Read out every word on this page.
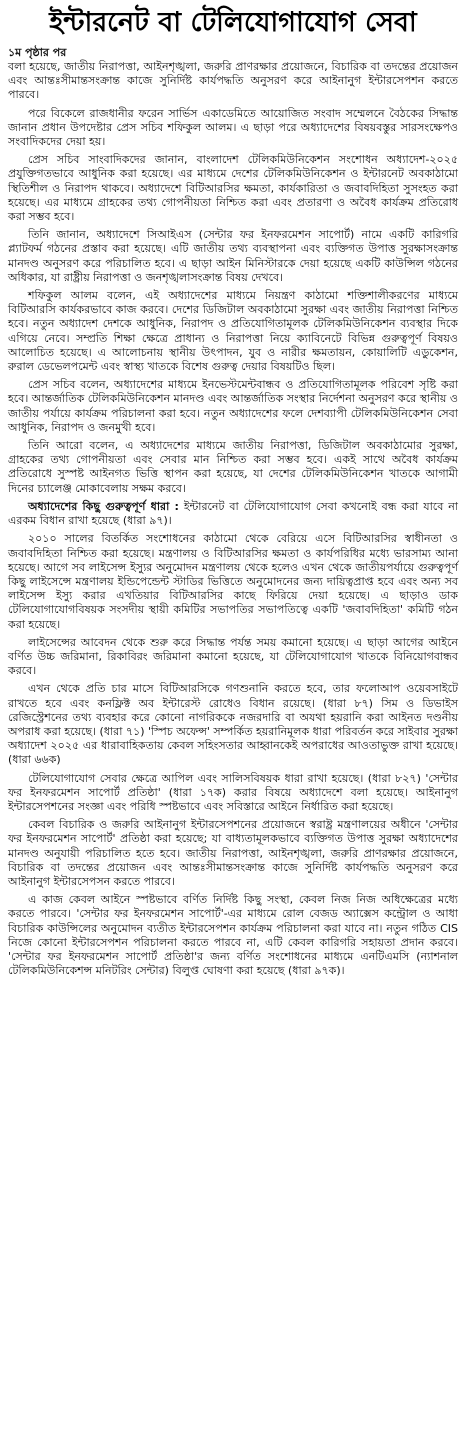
ইন্টারনেট বা টেলিযোগাযোগ সেবা
১ম পৃষ্ঠার পর

বলা হয়েছে, জাতীয় নিরাপত্তা, আইনশৃঙ্খলা, জরুরি প্রাণরক্ষার প্রয়োজনে, বিচারিক বা তদন্তের প্রয়োজন এবং আন্তঃসীমান্তসংক্রান্ত কাজে সুনির্দিষ্ট কার্যপদ্ধতি অনুসরণ করে আইনানুগ ইন্টারসেপশন করতে পারবে।

পরে বিকেলে রাজধানীর ফরেন সার্ভিস একাডেমিতে আয়োজিত সংবাদ সম্মেলনে বৈঠকের সিদ্ধান্ত জানান প্রধান উপদেষ্টার প্রেস সচিব শফিকুল আলম। এ ছাড়া পরে অধ্যাদেশের বিষয়বস্তুর সারসংক্ষেপও সংবাদিকদের দেয়া হয়।

প্রেস সচিব সাংবাদিকদের জানান, বাংলাদেশ টেলিকমিউনিকেশন সংশোধন অধ্যাদেশ-২০২৫ প্রযুক্তিগতভাবে আধুনিক করা হয়েছে। এর মাধ্যমে দেশের টেলিকমিউনিকেশন ও ইন্টারনেট অবকাঠামো স্থিতিশীল ও নিরাপদ থাকবে। অধ্যাদেশে বিটিআরসির ক্ষমতা, কার্যকারিতা ও জবাবদিহিতা সুসংহত করা হয়েছে। এর মাধ্যমে গ্রাহকের তথ্য গোপনীয়তা নিশ্চিত করা এবং প্রতারণা ও অবৈধ কার্যক্রম প্রতিরোধ করা সম্ভব হবে।

তিনি জানান, অধ্যাদেশে সিআইএস (সেন্টার ফর ইনফরমেশন সাপোর্ট) নামে একটি কারিগরি প্ল্যাটফর্ম গঠনের প্রস্তাব করা হয়েছে। এটি জাতীয় তথ্য ব্যবস্থাপনা এবং ব্যক্তিগত উপাত্ত সুরক্ষাসংক্রান্ত মানদণ্ড অনুসরণ করে পরিচালিত হবে। এ ছাড়া আইন মিনিস্টারকে দেয়া হয়েছে একটি কাউন্সিল গঠনের অধিকার, যা রাষ্ট্রীয় নিরাপত্তা ও জনশৃঙ্খলাসংক্রান্ত বিষয় দেখবে।

শফিকুল আলম বলেন, এই অধ্যাদেশের মাধ্যমে নিয়ন্ত্রণ কাঠামো শক্তিশালীকরণের মাধ্যমে বিটিআরসি কার্যকরভাবে কাজ করবে। দেশের ডিজিটাল অবকাঠামো সুরক্ষা এবং জাতীয় নিরাপত্তা নিশ্চিত হবে। নতুন অধ্যাদেশ দেশকে আধুনিক, নিরাপদ ও প্রতিযোগিতামূলক টেলিকমিউনিকেশন ব্যবস্থার দিকে এগিয়ে নেবে। সম্প্রতি শিক্ষা ক্ষেত্রে প্রাধান্য ও নিরাপত্তা নিয়ে ক্যাবিনেটে বিভিন্ন গুরুত্বপূর্ণ বিষয়ও আলোচিত হয়েছে। এ আলোচনায় স্থানীয় উৎপাদন, যুব ও নারীর ক্ষমতায়ন, কোয়ালিটি এডুকেশন, রুরাল ডেভেলপমেন্ট এবং স্বাস্থ্য খাতকে বিশেষ গুরুত্ব দেয়ার বিষয়টিও ছিল।

প্রেস সচিব বলেন, অধ্যাদেশের মাধ্যমে ইনভেস্টমেন্টবান্ধব ও প্রতিযোগিতামূলক পরিবেশ সৃষ্টি করা হবে। আন্তর্জাতিক টেলিকমিউনিকেশন মানদণ্ড এবং আন্তর্জাতিক সংস্থার নির্দেশনা অনুসরণ করে স্থানীয় ও জাতীয় পর্যায়ে কার্যক্রম পরিচালনা করা হবে। নতুন অধ্যাদেশের ফলে দেশব্যাপী টেলিকমিউনিকেশন সেবা আধুনিক, নিরাপদ ও জনমুখী হবে।

তিনি আরো বলেন, এ অধ্যাদেশের মাধ্যমে জাতীয় নিরাপত্তা, ডিজিটাল অবকাঠামোর সুরক্ষা, গ্রাহকের তথ্য গোপনীয়তা এবং সেবার মান নিশ্চিত করা সম্ভব হবে। একই সাথে অবৈধ কার্যক্রম প্রতিরোধে সুস্পষ্ট আইনগত ভিত্তি স্থাপন করা হয়েছে, যা দেশের টেলিকমিউনিকেশন খাতকে আগামী দিনের চ্যালেঞ্জ মোকাবেলায় সক্ষম করবে।

অধ্যাদেশের কিছু গুরুত্বপূর্ণ ধারা : ইন্টারনেট বা টেলিযোগাযোগ সেবা কখনোই বন্ধ করা যাবে না এরকম বিধান রাখা হয়েছে (ধারা ৯৭)।

২০১০ সালের বিতর্কিত সংশোধনের কাঠামো থেকে বেরিয়ে এসে বিটিআরসির স্বাধীনতা ও জবাবদিহিতা নিশ্চিত করা হয়েছে। মন্ত্রণালয় ও বিটিআরসির ক্ষমতা ও কার্যপরিধির মধ্যে ভারসাম্য আনা হয়েছে। আগে সব লাইসেন্স ইস্যুর অনুমোদন মন্ত্রণালয় থেকে হলেও এখন থেকে জাতীয়পর্যায়ে গুরুত্বপূর্ণ কিছু লাইসেন্সে মন্ত্রণালয় ইন্ডিপেন্ডেন্ট স্টাডির ভিত্তিতে অনুমোদনের জন্য দায়িত্বপ্রাপ্ত হবে এবং অন্য সব লাইসেন্স ইস্যু করার এখতিয়ার বিটিআরসির কাছে ফিরিয়ে দেয়া হয়েছে। এ ছাড়াও ডাক টেলিযোগাযোগবিষয়ক সংসদীয় স্থায়ী কমিটির সভাপতির সভাপতিত্বে একটি 'জবাবদিহিতা' কমিটি গঠন করা হয়েছে।

লাইসেন্সের আবেদন থেকে শুরু করে সিদ্ধান্ত পর্যন্ত সময় কমানো হয়েছে। এ ছাড়া আগের আইনে বর্ণিত উচ্চ জরিমানা, রিকাবিরং জরিমানা কমানো হয়েছে, যা টেলিযোগাযোগ খাতকে বিনিয়োগবান্ধব করবে।

এখন থেকে প্রতি চার মাসে বিটিআরসিকে গণশুনানি করতে হবে, তার ফলোআপ ওয়েবসাইটে রাখতে হবে এবং কনফ্লিক্ট অব ইন্টারেস্ট রোধেও বিধান রয়েছে। (ধারা ৮৭) সিম ও ডিভাইস রেজিস্ট্রেশনের তথ্য ব্যবহার করে কোনো নাগরিককে নজরদারি বা অযথা হয়রানি করা আইনত দণ্ডনীয় অপরাধ করা হয়েছে। (ধারা ৭১) 'স্পিচ অফেন্স' সম্পর্কিত হয়রানিমূলক ধারা পরিবর্তন করে সাইবার সুরক্ষা অধ্যাদেশ ২০২৫ এর ধারাবাহিকতায় কেবল সহিংসতার আহ্বানকেই অপরাধের আওতাভুক্ত রাখা হয়েছে। (ধারা ৬৬ক)

টেলিযোগাযোগ সেবার ক্ষেত্রে আপিল এবং সালিসবিষয়ক ধারা রাখা হয়েছে। (ধারা ৮২৭) 'সেন্টার ফর ইনফরমেশন সাপোর্ট প্রতিষ্ঠা' (ধারা ১৭ক) করার বিষয়ে অধ্যাদেশে বলা হয়েছে। আইনানুগ ইন্টারসেপশনের সংজ্ঞা এবং পরিধি স্পষ্টভাবে এবং সবিস্তারে আইনে নির্ধারিত করা হয়েছে।

কেবল বিচারিক ও জরুরি আইনানুগ ইন্টারসেপশনের প্রয়োজনে স্বরাষ্ট্র মন্ত্রণালয়ের অধীনে 'সেন্টার ফর ইনফরমেশন সাপোর্ট' প্রতিষ্ঠা করা হয়েছে; যা বাধ্যতামূলকভাবে ব্যক্তিগত উপাত্ত সুরক্ষা অধ্যাদেশের মানদণ্ড অনুযায়ী পরিচালিত হতে হবে। জাতীয় নিরাপত্তা, আইনশৃঙ্খলা, জরুরি প্রাণরক্ষার প্রয়োজনে, বিচারিক বা তদন্তের প্রয়োজন এবং আন্তঃসীমান্তসংক্রান্ত কাজে সুনির্দিষ্ট কার্যপদ্ধতি অনুসরণ করে আইনানুগ ইন্টারসেপসন করতে পারবে।

এ কাজ কেবল আইনে স্পষ্টভাবে বর্ণিত নির্দিষ্ট কিছু সংস্থা, কেবল নিজ নিজ অধিক্ষেত্রের মধ্যে করতে পারবে। 'সেন্টার ফর ইনফরমেশন সাপোর্ট'-এর মাধ্যমে রোল বেজড অ্যাক্সেস কন্ট্রোল ও আধা বিচারিক কাউন্সিলের অনুমোদন ব্যতীত ইন্টারসেপশন কার্যক্রম পরিচালনা করা যাবে না। নতুন গঠিত CIS নিজে কোনো ইন্টারসেপশন পরিচালনা করতে পারবে না, এটি কেবল কারিগরি সহায়তা প্রদান করবে। 'সেন্টার ফর ইনফরমেশন সাপোর্ট প্রতিষ্ঠা'র জন্য বর্ণিত সংশোধনের মাধ্যমে এনটিএমসি (ন্যাশনাল টেলিকমিউনিকেশন্স মনিটরিং সেন্টার) বিলুপ্ত ঘোষণা করা হয়েছে (ধারা ৯৭ক)।
